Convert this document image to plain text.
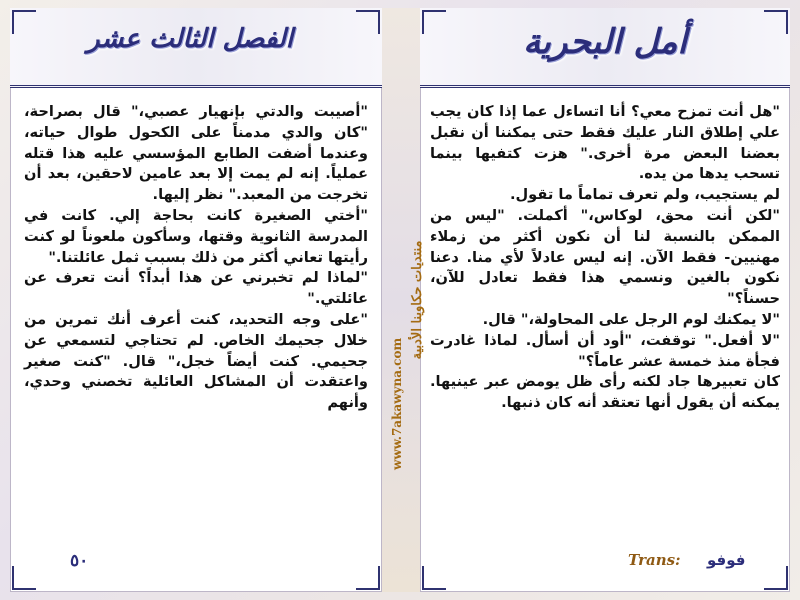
الفصل الثالث عشر	أمل البحرية
منتديات حكاوينا الأدبية
www.7akawyna.com

"أصيبت والدتي بإنهيار عصبي،" قال بصراحة، "كان والدي مدمناً على الكحول طوال حياته، وعندما أضفت الطابع المؤسسي عليه هذا قتله عملياً. إنه لم يمت إلا بعد عامين لاحقين، بعد أن تخرجت من المعبد." نظر إليها.

"أختي الصغيرة كانت بحاجة إلي. كانت في المدرسة الثانوية وقتها، وسأكون ملعوناً لو كنت رأيتها تعاني أكثر من ذلك بسبب ثمل عائلتنا."

"لماذا لم تخبرني عن هذا أبداً؟ أنت تعرف عن عائلتي."

"على وجه التحديد، كنت أعرف أنك تمرين من خلال جحيمك الخاص. لم تحتاجي لتسمعي عن جحيمي. كنت أيضاً خجل،" قال. "كنت صغير واعتقدت أن المشاكل العائلية تخصني وحدي، وأنهم

"هل أنت تمزح معي؟ أنا اتساءل عما إذا كان يجب علي إطلاق النار عليك فقط حتى يمكننا أن نقبل بعضنا البعض مرة أخرى." هزت كتفيها بينما تسحب يدها من يده.

لم يستجيب، ولم تعرف تماماً ما تقول.

"لكن أنت محق، لوكاس،" أكملت. "ليس من الممكن بالنسبة لنا أن نكون أكثر من زملاء مهنيين- فقط الآن. إنه ليس عادلاً لأي منا. دعنا نكون بالغين ونسمي هذا فقط تعادل للآن، حسناً؟"

"لا يمكنك لوم الرجل على المحاولة،" قال.

"لا أفعل." توقفت، "أود أن أسأل. لماذا غادرت فجأة منذ خمسة عشر عاماً؟"

كان تعبيرها جاد لكنه رأى ظل يومض عبر عينيها. يمكنه أن يقول أنها تعتقد أنه كان ذنبها.

٥٠	Trans: فوفو
